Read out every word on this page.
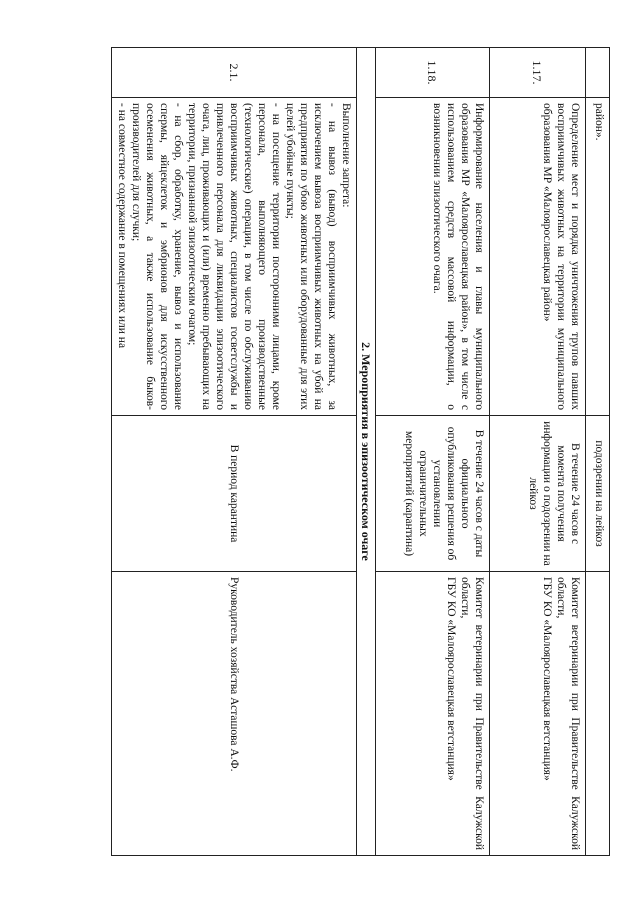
	район».	подозрении на лейкоз	
1.17.	Определение мест и порядка уничтожения трупов павших восприимчивых животных на территории муниципального образования МР «Малоярославецкая район»	В течение 24 часов с момента получения информации о подозрении на лейкоз	Комитет ветеринарии при Правительстве Калужской области,
ГБУ КО «Малоярославецкая ветстанция»

1.18.	Информирование населения и главы муниципального образования МР «Малоярославецкая район», в том числе с использованием средств массовой информации, о возникновении эпизоотического очага.	В течение 24 часов с даты официального опубликования решения об установлении ограничительных мероприятий (карантина)	Комитет ветеринарии при Правительстве Калужской области,
ГБУ КО «Малоярославецкая ветстанция»

2. Мероприятия в эпизоотическом очаге			
2.1.	Выполнение запрета:
- на вывоз (вывод) восприимчивых животных, за исключением вывоза восприимчивых животных на убой на предприятия по убою животных или оборудованные для этих целей убойные пункты;
- на посещение территории посторонними лицами, кроме персонала, выполняющего производственные (технологические) операции, в том числе по обслуживанию восприимчивых животных, специалистов госветслужбы и привлеченного персонала для ликвидации эпизоотического очага, лиц, проживающих и (или) временно пребывающих на территории, признанной эпизоотическим очагом;
- на сбор, обработку, хранение, вывоз и использование спермы, яйцеклеток и эмбрионов для искусственного осеменения животных, а также использование быков-производителей для случки;
- на совместное содержание в помещениях или на	В период карантина	Руководитель хозяйства Асташова А.Ф.
